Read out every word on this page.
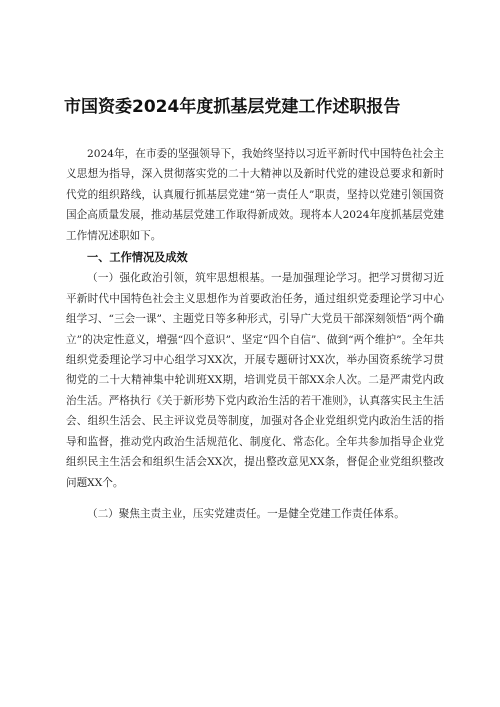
市国资委2024年度抓基层党建工作述职报告

2024年，在市委的坚强领导下，我始终坚持以习近平新时代中国特色社会主义思想为指导，深入贯彻落实党的二十大精神以及新时代党的建设总要求和新时代党的组织路线，认真履行抓基层党建“第一责任人”职责，坚持以党建引领国资国企高质量发展，推动基层党建工作取得新成效。现将本人2024年度抓基层党建工作情况述职如下。

一、工作情况及成效

（一）强化政治引领，筑牢思想根基。一是加强理论学习。把学习贯彻习近平新时代中国特色社会主义思想作为首要政治任务，通过组织党委理论学习中心组学习、“三会一课”、主题党日等多种形式，引导广大党员干部深刻领悟“两个确立”的决定性意义，增强“四个意识”、坚定“四个自信”、做到“两个维护”。全年共组织党委理论学习中心组学习XX次，开展专题研讨XX次，举办国资系统学习贯彻党的二十大精神集中轮训班XX期，培训党员干部XX余人次。二是严肃党内政治生活。严格执行《关于新形势下党内政治生活的若干准则》，认真落实民主生活会、组织生活会、民主评议党员等制度，加强对各企业党组织党内政治生活的指导和监督，推动党内政治生活规范化、制度化、常态化。全年共参加指导企业党组织民主生活会和组织生活会XX次，提出整改意见XX条，督促企业党组织整改问题XX个。

（二）聚焦主责主业，压实党建责任。一是健全党建工作责任体系。
